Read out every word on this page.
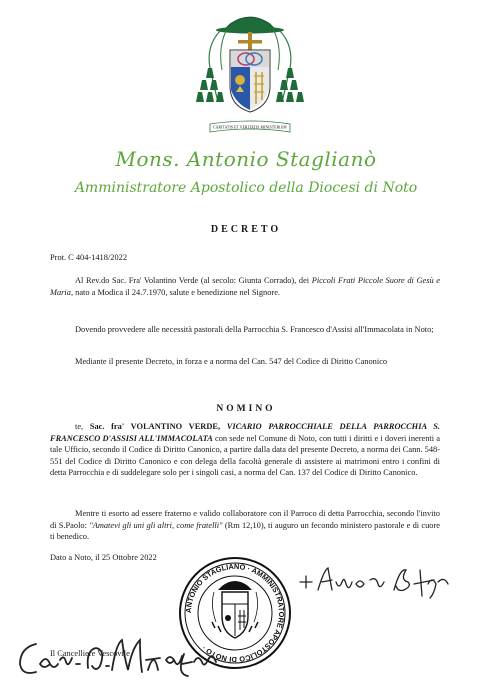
CARITATIS ET VERITATIS MINISTERIUM
Mons. Antonio Staglianò
Amministratore Apostolico della Diocesi di Noto
DECRETO
Prot. C 404-1418/2022
Al Rev.do Sac. Fra' Volantino Verde (al secolo: Giunta Corrado), dei Piccoli Frati Piccole Suore di Gesù e Maria, nato a Modica il 24.7.1970, salute e benedizione nel Signore.
Dovendo provvedere alle necessità pastorali della Parrocchia S. Francesco d'Assisi all'Immacolata in Noto;
Mediante il presente Decreto, in forza e a norma del Can. 547 del Codice di Diritto Canonico
NOMINO
te, Sac. fra' VOLANTINO VERDE, VICARIO PARROCCHIALE DELLA PARROCCHIA S. FRANCESCO D'ASSISI ALL'IMMACOLATA con sede nel Comune di Noto, con tutti i diritti e i doveri inerenti a tale Ufficio, secondo il Codice di Diritto Canonico, a partire dalla data del presente Decreto, a norma dei Cann. 548-551 del Codice di Diritto Canonico e con delega della facoltà generale di assistere ai matrimoni entro i confini di detta Parrocchia e di suddelegare solo per i singoli casi, a norma del Can. 137 del Codice di Diritto Canonico.
Mentre ti esorto ad essere fraterno e valido collaboratore con il Parroco di detta Parrocchia, secondo l'invito di S.Paolo: "Amatevi gli uni gli altri, come fratelli" (Rm 12,10), ti auguro un fecondo ministero pastorale e di cuore ti benedico.
Dato a Noto, il 25 Ottobre 2022
ANTONIO STAGLIANÒ · AMMINISTRATORE APOSTOLICO DI NOTO ·
Il Cancelliere Vescovile
